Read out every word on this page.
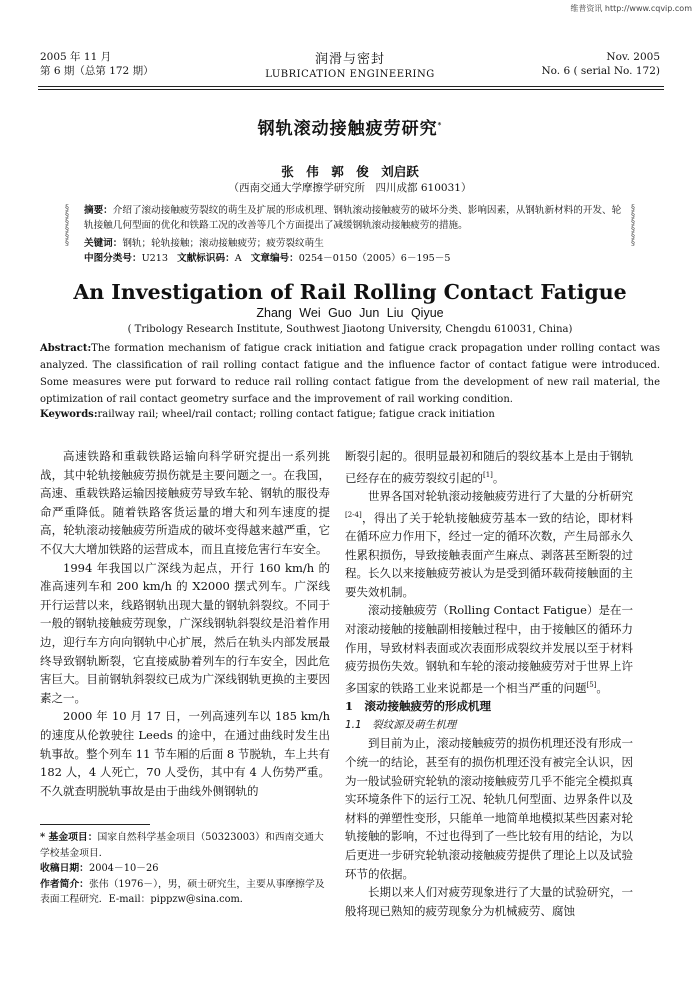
维普资讯 http://www.cqvip.com
2005 年 11 月
第 6 期（总第 172 期）
润滑与密封
LUBRICATION ENGINEERING
Nov. 2005
No. 6 ( serial No. 172)
钢轨滚动接触疲劳研究*
张　伟　郭　俊　刘启跃
（西南交通大学摩擦学研究所　四川成都 610031）
§
§
§
§
§
§
§
§
§
§
§
§
摘要：介绍了滚动接触疲劳裂纹的萌生及扩展的形成机理、钢轨滚动接触疲劳的破坏分类、影响因素，从钢轨新材料的开发、轮轨接触几何型面的优化和铁路工况的改善等几个方面提出了减缓钢轨滚动接触疲劳的措施。
关键词：钢轨；轮轨接触；滚动接触疲劳；疲劳裂纹萌生
中图分类号：U213 文献标识码：A 文章编号：0254－0150（2005）6－195－5
An Investigation of Rail Rolling Contact Fatigue
Zhang Wei Guo Jun Liu Qiyue
( Tribology Research Institute, Southwest Jiaotong University, Chengdu 610031, China)
Abstract:The formation mechanism of fatigue crack initiation and fatigue crack propagation under rolling contact was analyzed. The classification of rail rolling contact fatigue and the influence factor of contact fatigue were introduced. Some measures were put forward to reduce rail rolling contact fatigue from the development of new rail material, the optimization of rail contact geometry surface and the improvement of rail working condition.
Keywords:railway rail; wheel/rail contact; rolling contact fatigue; fatigue crack initiation

高速铁路和重载铁路运输向科学研究提出一系列挑战，其中轮轨接触疲劳损伤就是主要问题之一。在我国，高速、重载铁路运输因接触疲劳导致车轮、钢轨的服役寿命严重降低。随着铁路客货运量的增大和列车速度的提高，轮轨滚动接触疲劳所造成的破坏变得越来越严重，它不仅大大增加铁路的运营成本，而且直接危害行车安全。

1994 年我国以广深线为起点，开行 160 km/h 的准高速列车和 200 km/h 的 X2000 摆式列车。广深线开行运营以来，线路钢轨出现大量的钢轨斜裂纹。不同于一般的钢轨接触疲劳现象，广深线钢轨斜裂纹是沿着作用边，迎行车方向向钢轨中心扩展，然后在轨头内部发展最终导致钢轨断裂，它直接威胁着列车的行车安全，因此危害巨大。目前钢轨斜裂纹已成为广深线钢轨更换的主要因素之一。

2000 年 10 月 17 日，一列高速列车以 185 km/h 的速度从伦敦驶往 Leeds 的途中，在通过曲线时发生出轨事故。整个列车 11 节车厢的后面 8 节脱轨，车上共有 182 人，4 人死亡，70 人受伤，其中有 4 人伤势严重。不久就查明脱轨事故是由于曲线外侧钢轨的

断裂引起的。很明显最初和随后的裂纹基本上是由于钢轨已经存在的疲劳裂纹引起的[1]。

世界各国对轮轨滚动接触疲劳进行了大量的分析研究[2-4]，得出了关于轮轨接触疲劳基本一致的结论，即材料在循环应力作用下，经过一定的循环次数，产生局部永久性累积损伤，导致接触表面产生麻点、剥落甚至断裂的过程。长久以来接触疲劳被认为是受到循环载荷接触面的主要失效机制。

滚动接触疲劳（Rolling Contact Fatigue）是在一对滚动接触的接触副相接触过程中，由于接触区的循环力作用，导致材料表面或次表面形成裂纹并发展以至于材料疲劳损伤失效。钢轨和车轮的滚动接触疲劳对于世界上许多国家的铁路工业来说都是一个相当严重的问题[5]。

1　滚动接触疲劳的形成机理

1.1　裂纹源及萌生机理

到目前为止，滚动接触疲劳的损伤机理还没有形成一个统一的结论，甚至有的损伤机理还没有被完全认识，因为一般试验研究轮轨的滚动接触疲劳几乎不能完全模拟真实环境条件下的运行工况、轮轨几何型面、边界条件以及材料的弹塑性变形，只能单一地简单地模拟某些因素对轮轨接触的影响，不过也得到了一些比较有用的结论，为以后更进一步研究轮轨滚动接触疲劳提供了理论上以及试验环节的依据。

长期以来人们对疲劳现象进行了大量的试验研究，一般将现已熟知的疲劳现象分为机械疲劳、腐蚀

* 基金项目：国家自然科学基金项目（50323003）和西南交通大学校基金项目．
收稿日期：2004－10－26
作者简介：张伟（1976－），男，硕士研究生，主要从事摩擦学及表面工程研究．E-mail：pippzw@sina.com．
